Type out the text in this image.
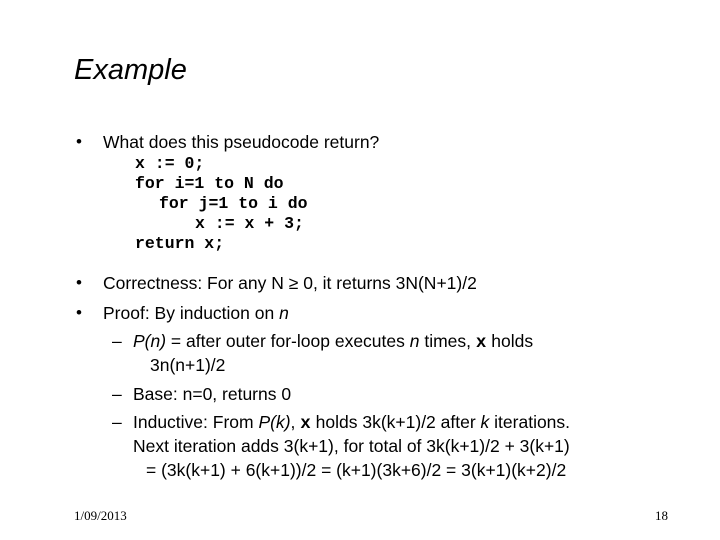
Example
• What does this pseudocode return?
x := 0;
for i=1 to N do
for j=1 to i do
x := x + 3;
return x;
• Correctness: For any N ≥ 0, it returns 3N(N+1)/2
• Proof: By induction on n
– P(n) = after outer for-loop executes n times, x holds
3n(n+1)/2
– Base: n=0, returns 0
– Inductive: From P(k), x holds 3k(k+1)/2 after k iterations.
Next iteration adds 3(k+1), for total of 3k(k+1)/2 + 3(k+1)
= (3k(k+1) + 6(k+1))/2 = (k+1)(3k+6)/2 = 3(k+1)(k+2)/2
1/09/2013	18
